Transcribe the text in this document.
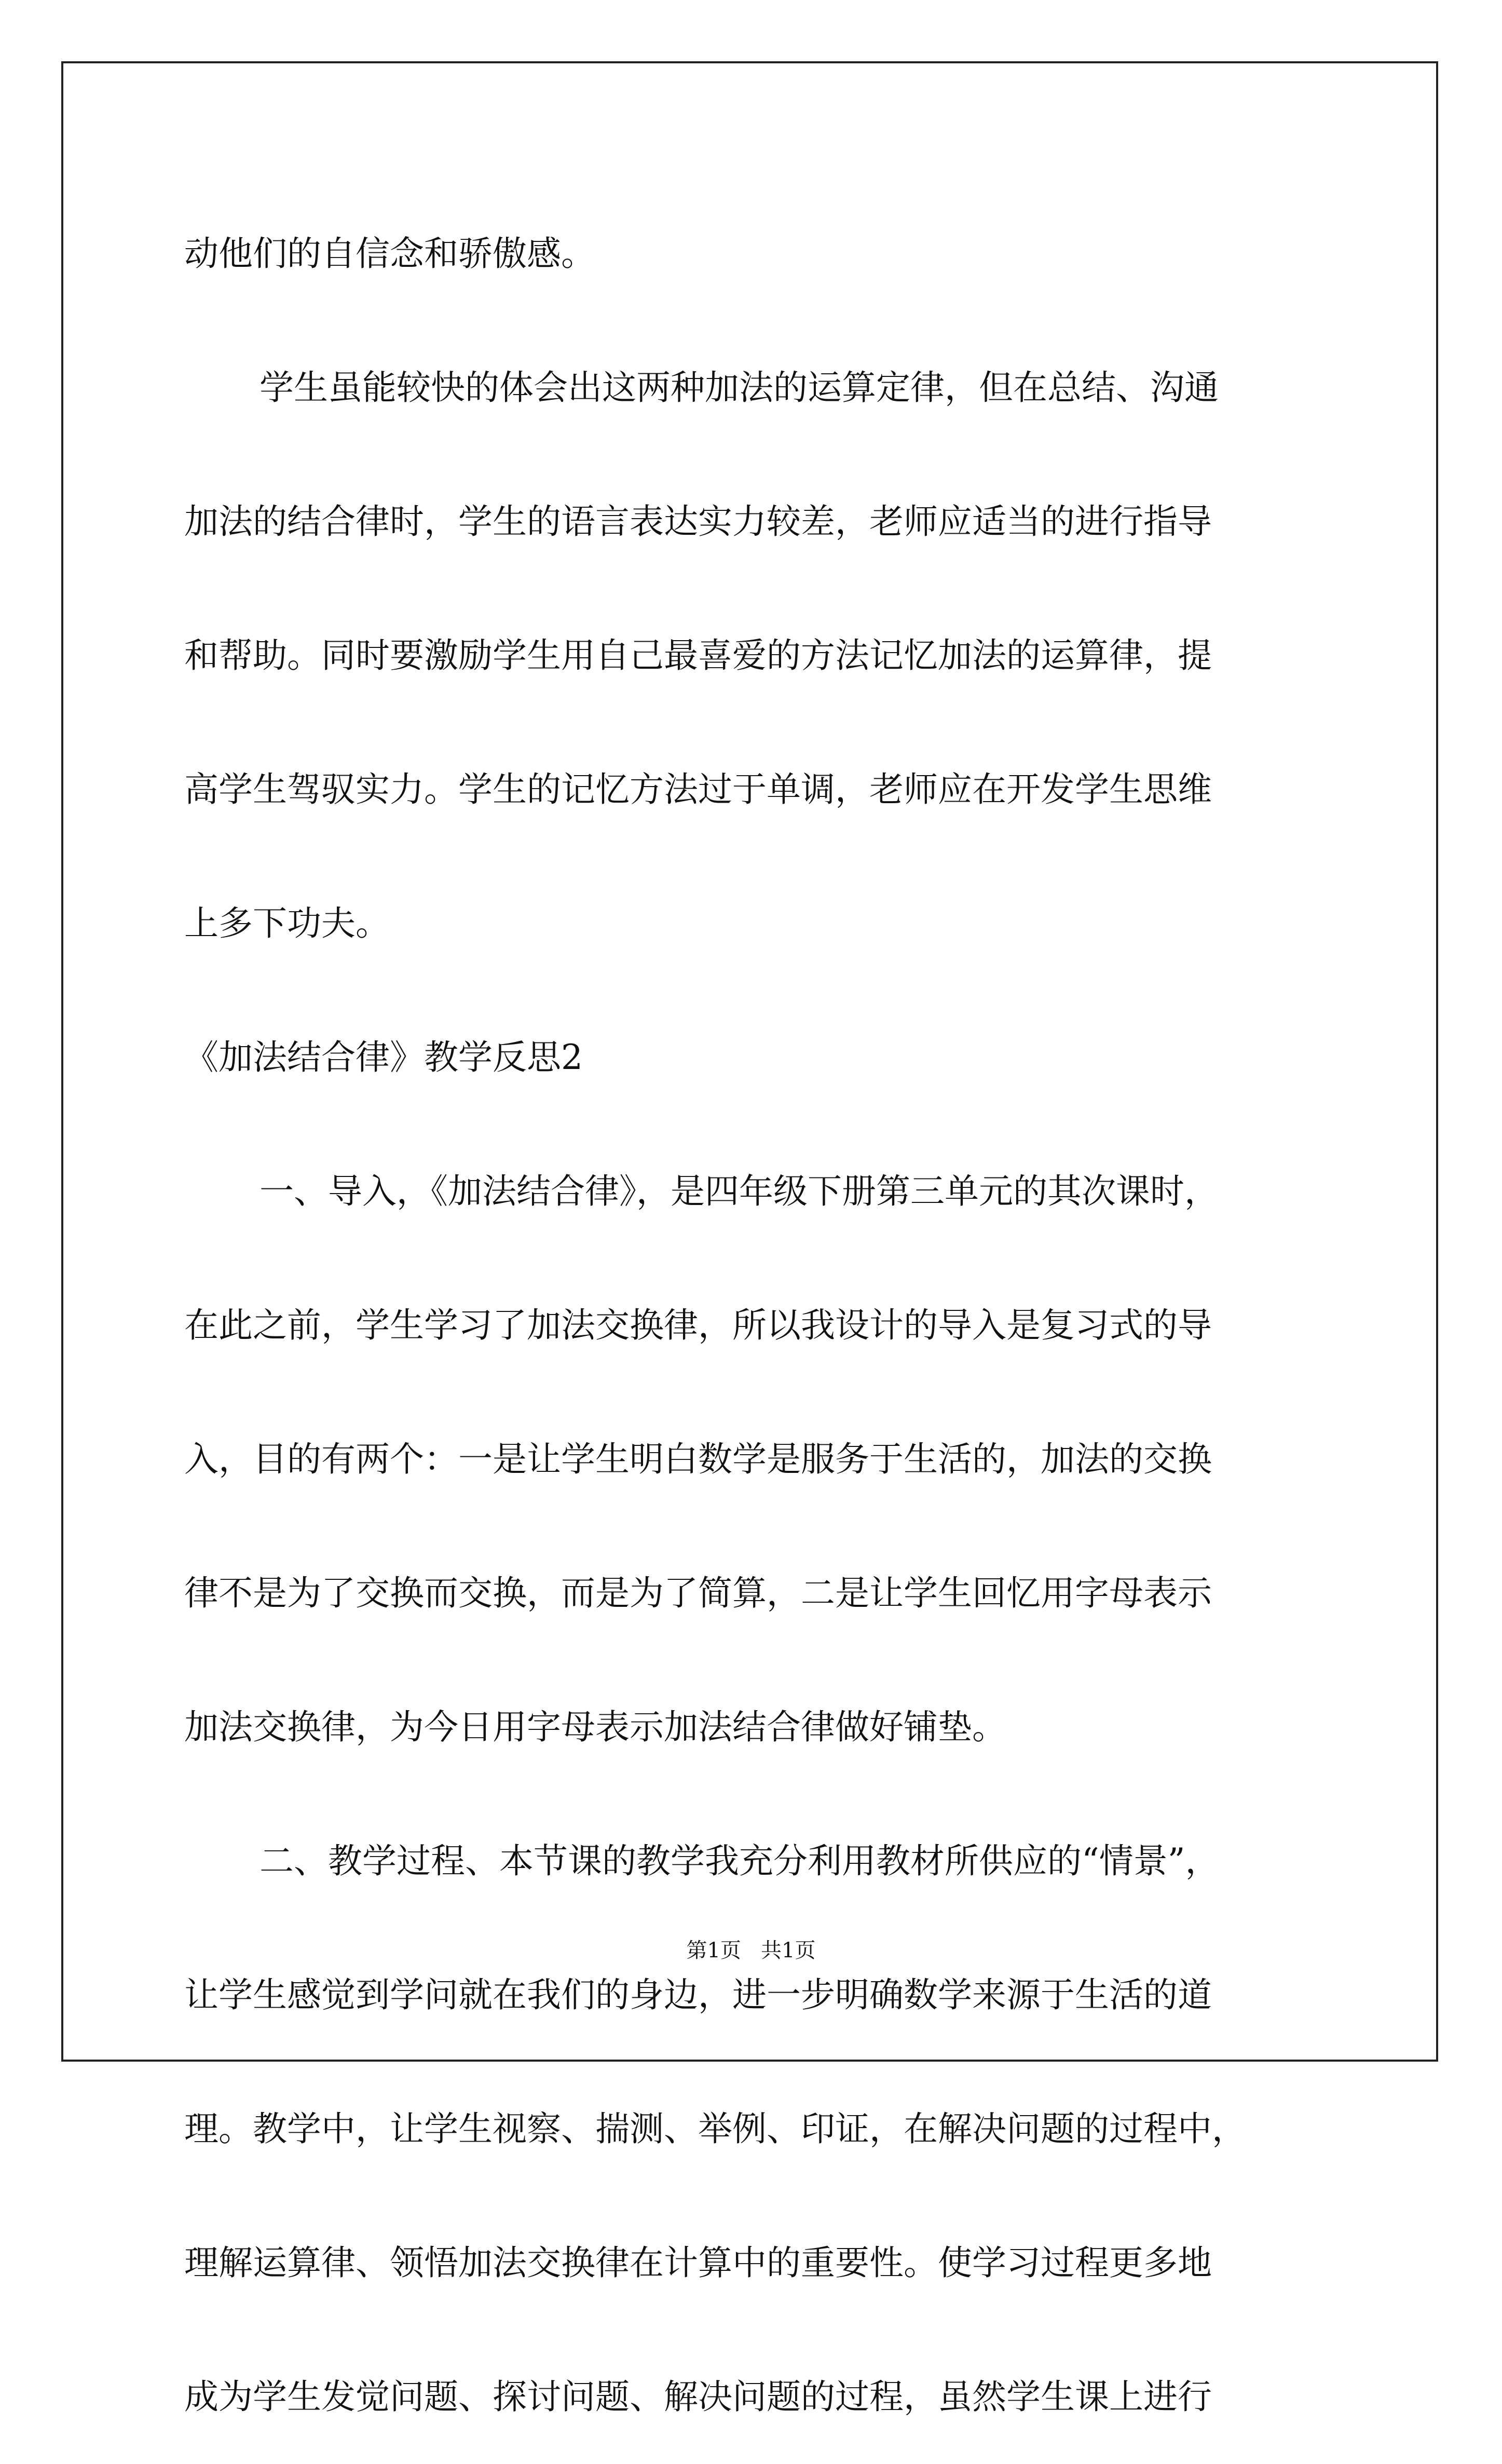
动他们的自信念和骄傲感。
学生虽能较快的体会出这两种加法的运算定律，但在总结、沟通
加法的结合律时，学生的语言表达实力较差，老师应适当的进行指导
和帮助。同时要激励学生用自己最喜爱的方法记忆加法的运算律，提
高学生驾驭实力。学生的记忆方法过于单调，老师应在开发学生思维
上多下功夫。
《加法结合律》教学反思2
一、导入，《加法结合律》，是四年级下册第三单元的其次课时，
在此之前，学生学习了加法交换律，所以我设计的导入是复习式的导
入，目的有两个：一是让学生明白数学是服务于生活的，加法的交换
律不是为了交换而交换，而是为了简算，二是让学生回忆用字母表示
加法交换律，为今日用字母表示加法结合律做好铺垫。
二、教学过程、本节课的教学我充分利用教材所供应的“情景”，
让学生感觉到学问就在我们的身边，进一步明确数学来源于生活的道
理。教学中，让学生视察、揣测、举例、印证，在解决问题的过程中，
理解运算律、领悟加法交换律在计算中的重要性。使学习过程更多地
成为学生发觉问题、探讨问题、解决问题的过程，虽然学生课上进行
第1页   共1页
